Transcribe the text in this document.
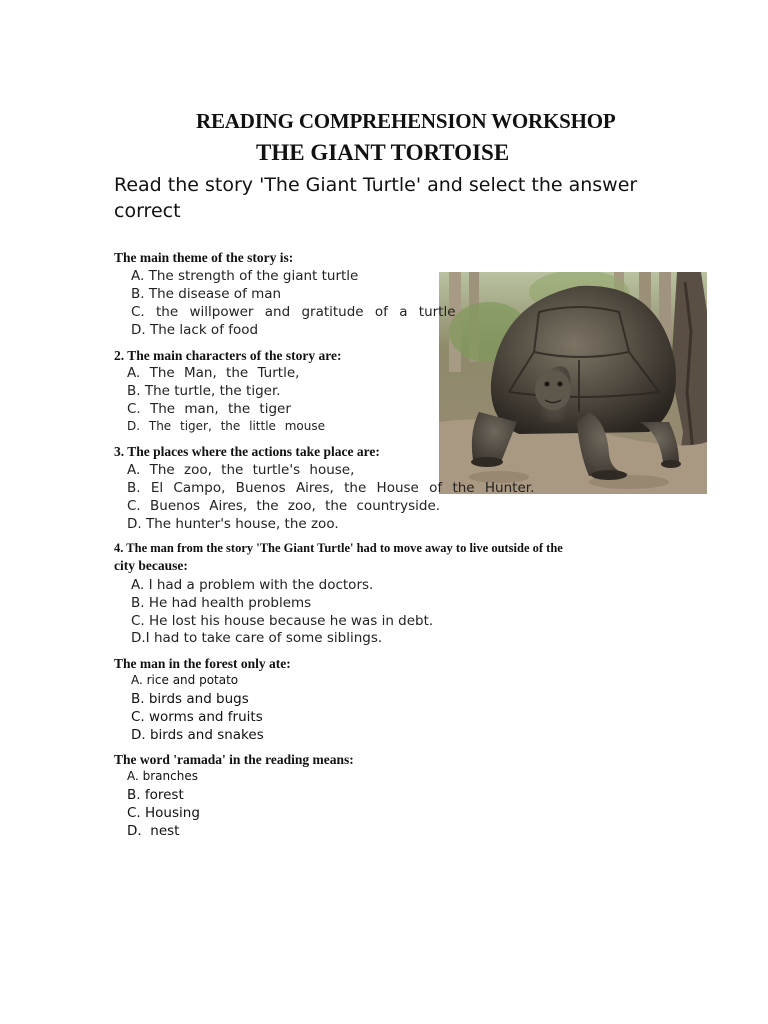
READING COMPREHENSION WORKSHOP
THE GIANT TORTOISE
Read the story 'The Giant Turtle' and select the answer correct
The main theme of the story is:
A. The strength of the giant turtle
B. The disease of man
C. the willpower and gratitude of a turtle
D. The lack of food
2. The main characters of the story are:
A. The Man, the Turtle,
B. The turtle, the tiger.
C. The man, the tiger
D. The tiger, the little mouse
3. The places where the actions take place are:
A. The zoo, the turtle's house,
B. El Campo, Buenos Aires, the House of the Hunter.
C. Buenos Aires, the zoo, the countryside.
D. The hunter's house, the zoo.
4. The man from the story 'The Giant Turtle' had to move away to live outside of the
city because:
A. I had a problem with the doctors.
B. He had health problems
C. He lost his house because he was in debt.
D.I had to take care of some siblings.
The man in the forest only ate:
A. rice and potato
B. birds and bugs
C. worms and fruits
D. birds and snakes
The word 'ramada' in the reading means:
A. branches
B. forest
C. Housing
D.  nest
